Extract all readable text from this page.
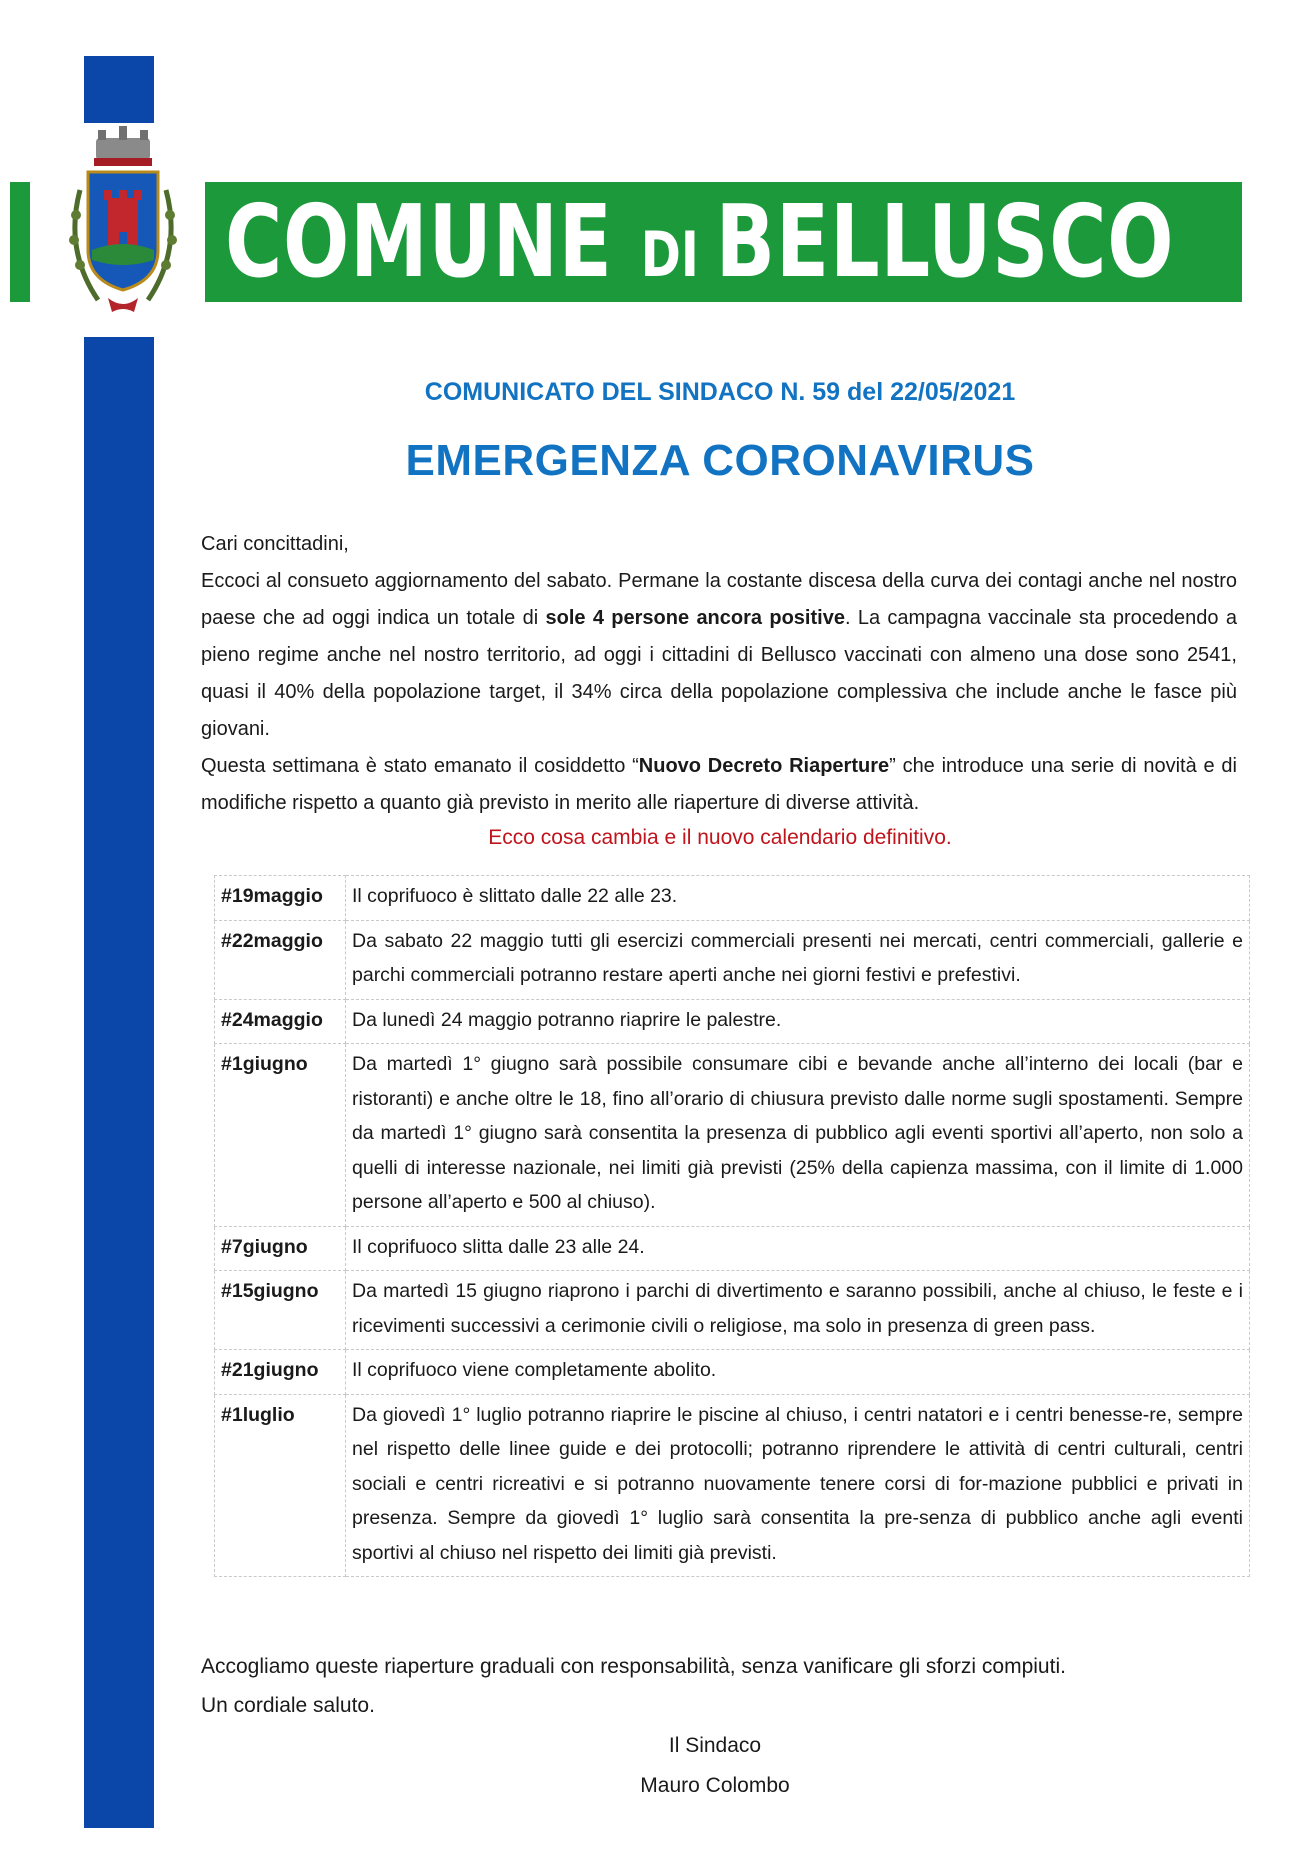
COMUNE DI BELLUSCO
COMUNICATO DEL SINDACO N. 59 del 22/05/2021
EMERGENZA CORONAVIRUS

Cari concittadini,

Eccoci al consueto aggiornamento del sabato. Permane la costante discesa della curva dei contagi anche nel nostro paese che ad oggi indica un totale di sole 4 persone ancora positive. La campagna vaccinale sta procedendo a pieno regime anche nel nostro territorio, ad oggi i cittadini di Bellusco vaccinati con almeno una dose sono 2541, quasi il 40% della popolazione target, il 34% circa della popolazione complessiva che include anche le fasce più giovani.

Questa settimana è stato emanato il cosiddetto “Nuovo Decreto Riaperture” che introduce una serie di novità e di modifiche rispetto a quanto già previsto in merito alle riaperture di diverse attività.

Ecco cosa cambia e il nuovo calendario definitivo.
#19maggio	Il coprifuoco è slittato dalle 22 alle 23.
#22maggio	Da sabato 22 maggio tutti gli esercizi commerciali presenti nei mercati, centri commerciali, gallerie e parchi commerciali potranno restare aperti anche nei giorni festivi e prefestivi.
#24maggio	Da lunedì 24 maggio potranno riaprire le palestre.
#1giugno	Da martedì 1° giugno sarà possibile consumare cibi e bevande anche all’interno dei locali (bar e ristoranti) e anche oltre le 18, fino all’orario di chiusura previsto dalle norme sugli spostamenti. Sempre da martedì 1° giugno sarà consentita la presenza di pubblico agli eventi sportivi all’aperto, non solo a quelli di interesse nazionale, nei limiti già previsti (25% della capienza massima, con il limite di 1.000 persone all’aperto e 500 al chiuso).
#7giugno	Il coprifuoco slitta dalle 23 alle 24.
#15giugno	Da martedì 15 giugno riaprono i parchi di divertimento e saranno possibili, anche al chiuso, le feste e i ricevimenti successivi a cerimonie civili o religiose, ma solo in presenza di green pass.
#21giugno	Il coprifuoco viene completamente abolito.
#1luglio	Da giovedì 1° luglio potranno riaprire le piscine al chiuso, i centri natatori e i centri benesse-re, sempre nel rispetto delle linee guide e dei protocolli; potranno riprendere le attività di centri culturali, centri sociali e centri ricreativi e si potranno nuovamente tenere corsi di for-mazione pubblici e privati in presenza. Sempre da giovedì 1° luglio sarà consentita la pre-senza di pubblico anche agli eventi sportivi al chiuso nel rispetto dei limiti già previsti.

Accogliamo queste riaperture graduali con responsabilità, senza vanificare gli sforzi compiuti.

Un cordiale saluto.

Il Sindaco
Mauro Colombo
